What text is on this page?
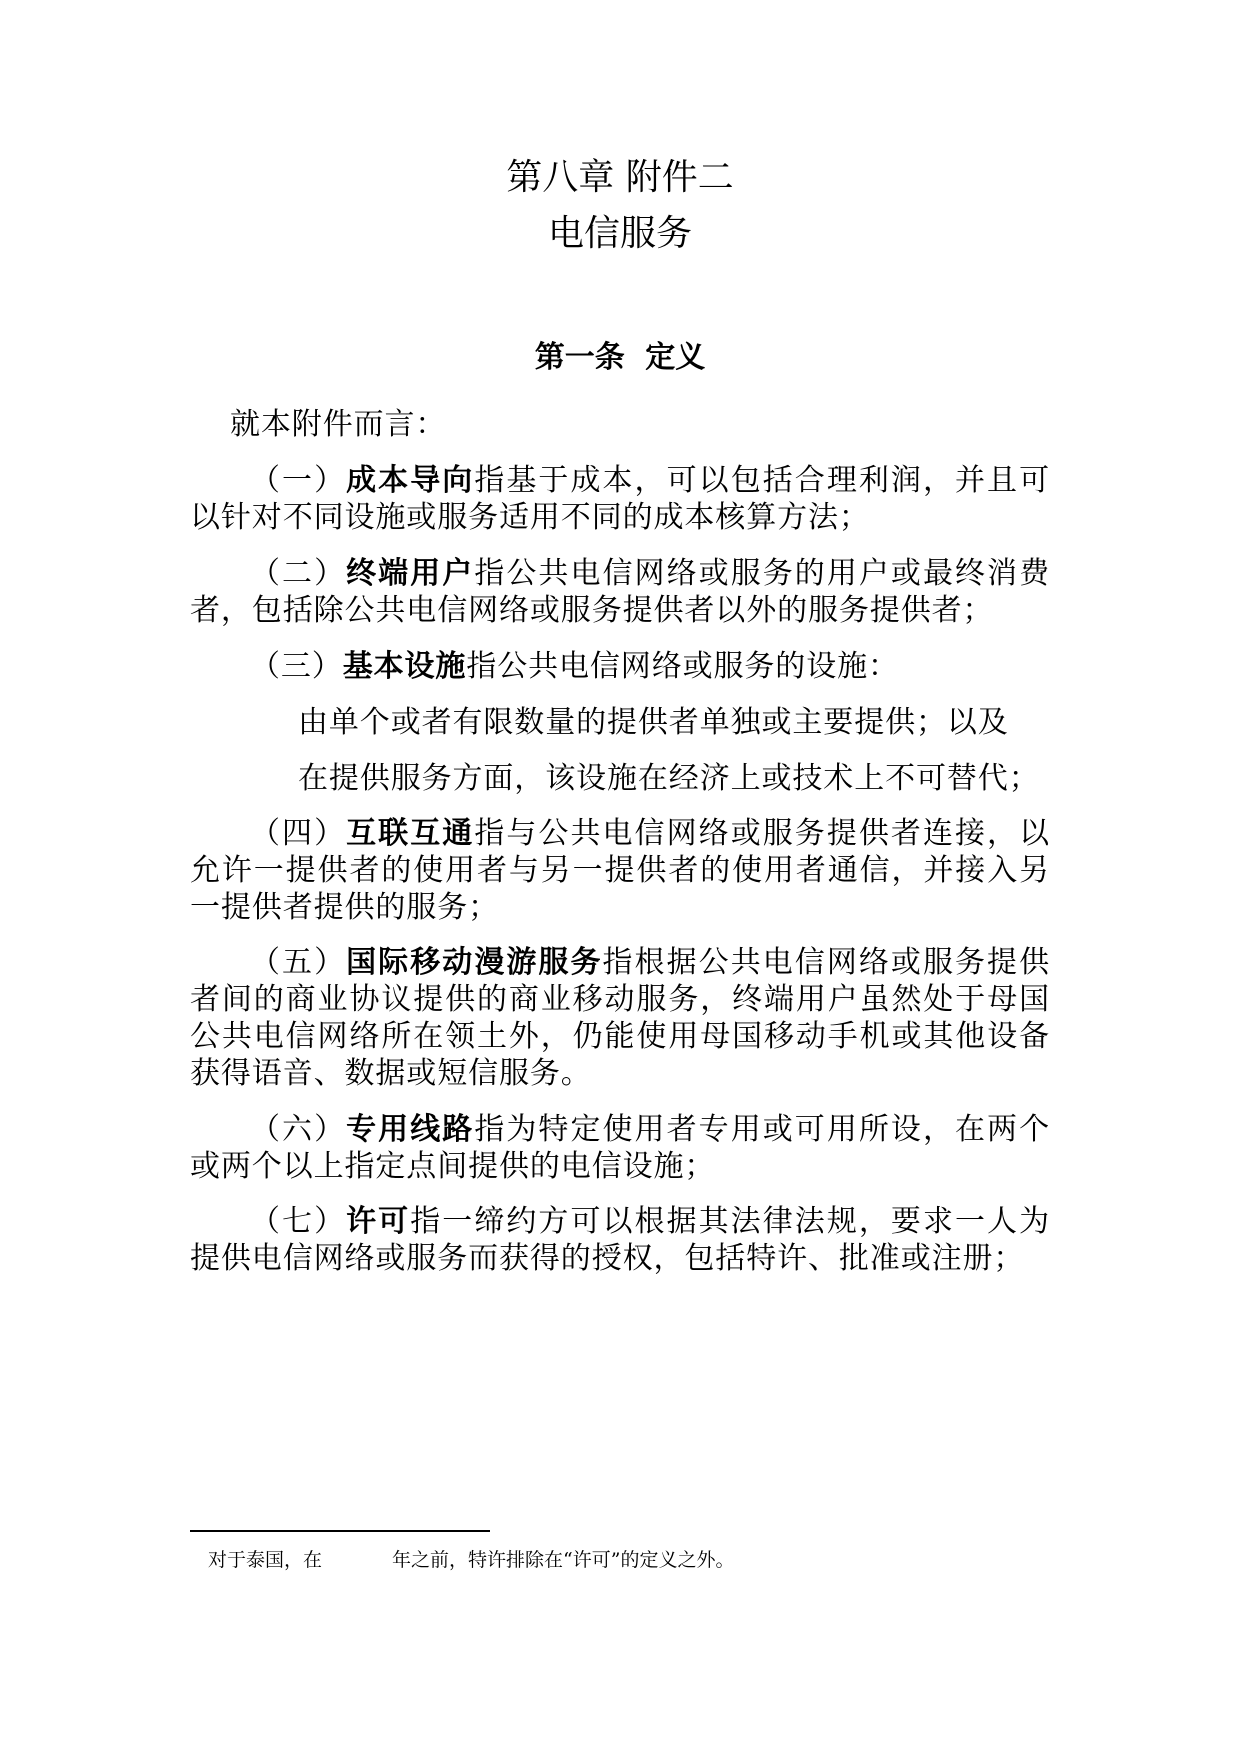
第八章 附件二
电信服务
第一条 定义
就本附件而言：
（一）成本导向指基于成本，可以包括合理利润，并且可以针对不同设施或服务适用不同的成本核算方法；
（二）终端用户指公共电信网络或服务的用户或最终消费者，包括除公共电信网络或服务提供者以外的服务提供者；
（三）基本设施指公共电信网络或服务的设施：
由单个或者有限数量的提供者单独或主要提供；以及
在提供服务方面，该设施在经济上或技术上不可替代；
（四）互联互通指与公共电信网络或服务提供者连接，以允许一提供者的使用者与另一提供者的使用者通信，并接入另一提供者提供的服务；
（五）国际移动漫游服务指根据公共电信网络或服务提供者间的商业协议提供的商业移动服务，终端用户虽然处于母国公共电信网络所在领土外，仍能使用母国移动手机或其他设备获得语音、数据或短信服务。
（六）专用线路指为特定使用者专用或可用所设，在两个或两个以上指定点间提供的电信设施；
（七）许可指一缔约方可以根据其法律法规，要求一人为提供电信网络或服务而获得的授权，包括特许、批准或注册；
对于泰国，在	年之前，特许排除在“许可”的定义之外。
